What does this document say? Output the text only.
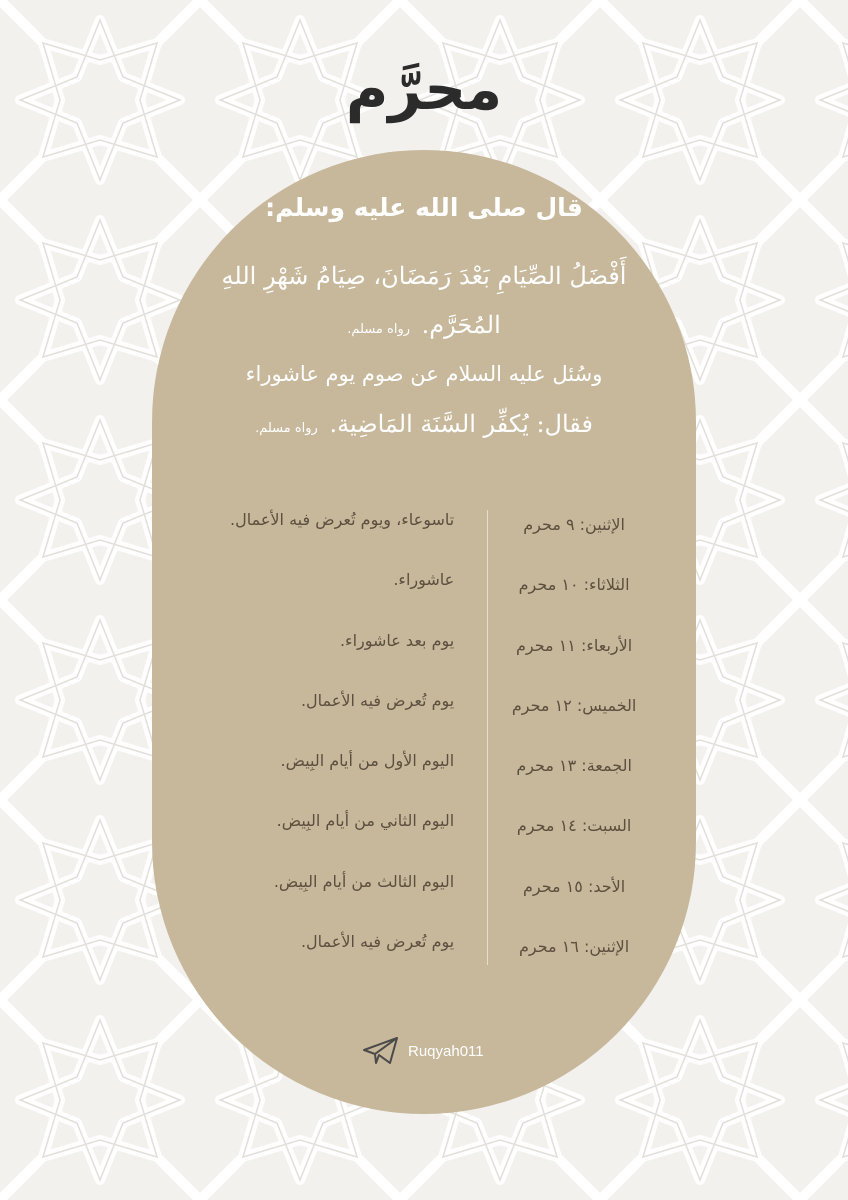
محرَّم
قال صلى الله عليه وسلم:
أَفْضَلُ الصِّيَامِ بَعْدَ رَمَضَانَ، صِيَامُ شَهْرِ اللهِ
المُحَرَّم. رواه مسلم.
وسُئل عليه السلام عن صوم يوم عاشوراء
فقال: يُكفِّر السَّنَة المَاضِية. رواه مسلم.
الإثنين: ٩ محرم
تاسوعاء، ويوم تُعرض فيه الأعمال.
الثلاثاء: ١٠ محرم
عاشوراء.
الأربعاء: ١١ محرم
يوم بعد عاشوراء.
الخميس: ١٢ محرم
يوم تُعرض فيه الأعمال.
الجمعة: ١٣ محرم
اليوم الأول من أيام البِيض.
السبت: ١٤ محرم
اليوم الثاني من أيام البِيض.
الأحد: ١٥ محرم
اليوم الثالث من أيام البِيض.
الإثنين: ١٦ محرم
يوم تُعرض فيه الأعمال.
Ruqyah011
